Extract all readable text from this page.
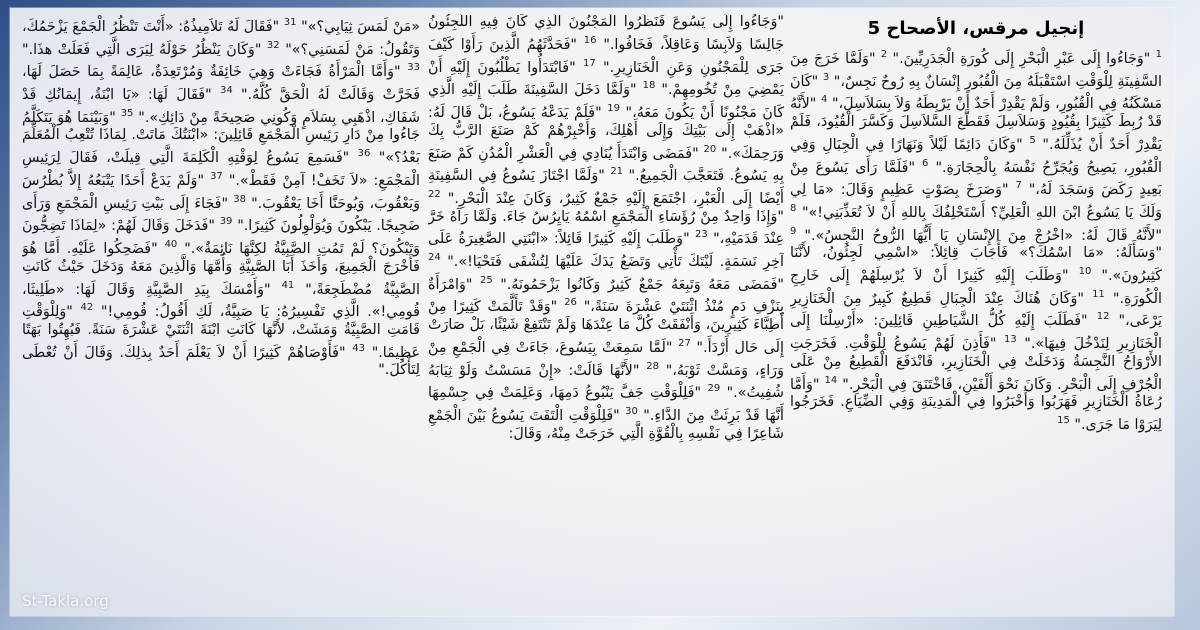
إنجيل مرقس، الأصحاح 5

$^1$ "وَجَاءُوا إِلَى عَبْرِ الْبَحْرِ إِلَى كُورَةِ الْجَدَرِيِّينَ." $^2$ "وَلَمَّا خَرَجَ مِنَ السَّفِينَةِ لِلْوَقْتِ اسْتَقْبَلَهُ مِنَ الْقُبُورِ إِنْسَانٌ بِهِ رُوحٌ نَجِسٌ،" $^3$ "كَانَ مَسْكَنُهُ فِي الْقُبُورِ، وَلَمْ يَقْدِرْ أَحَدٌ أَنْ يَرْبِطَهُ وَلاَ بِسَلاَسِلَ،" $^4$ "لأَنَّهُ قَدْ رُبِطَ كَثِيرًا بِقُيُودٍ وَسَلاَسِلَ فَقَطَّعَ السَّلاَسِلَ وَكَسَّرَ الْقُيُودَ، فَلَمْ يَقْدِرْ أَحَدٌ أَنْ يُذَلِّلَهُ." $^5$ "وَكَانَ دَائِمًا لَيْلاً وَنَهَارًا فِي الْجِبَالِ وَفِي الْقُبُورِ، يَصِيحُ وَيُجَرِّحُ نَفْسَهُ بِالْحِجَارَةِ." $^6$ "فَلَمَّا رَأَى يَسُوعَ مِنْ بَعِيدٍ رَكَضَ وَسَجَدَ لَهُ،" $^7$ "وَصَرَخَ بِصَوْتٍ عَظِيمٍ وَقَالَ: «مَا لِي وَلَكَ يَا يَسُوعُ ابْنَ اللهِ الْعَلِيِّ؟ أَسْتَحْلِفُكَ بِاللهِ أَنْ لاَ تُعَذِّبَنِي!»" $^8$ "لأَنَّهُ قَالَ لَهُ: «اخْرُجْ مِنَ الإِنْسَانِ يَا أَيُّهَا الرُّوحُ النَّجِسُ»." $^9$ "وَسَأَلَهُ: «مَا اسْمُكَ؟» فَأَجَابَ قِائِلاً: «اسْمِي لَجِئُونُ، لأَنَّنَا كَثِيرُونَ»." $^{10}$ "وَطَلَبَ إِلَيْهِ كَثِيرًا أَنْ لاَ يُرْسِلَهُمْ إِلَى خَارِجِ الْكُورَةِ." $^{11}$ "وَكَانَ هُنَاكَ عِنْدَ الْجِبَالِ قَطِيعٌ كَبِيرٌ مِنَ الْخَنَازِيرِ يَرْعَى،" $^{12}$ "فَطَلَبَ إِلَيْهِ كُلُّ الشَّيَاطِينِ قَائِلِينَ: «أَرْسِلْنَا إِلَى الْخَنَازِيرِ لِنَدْخُلَ فِيهَا»." $^{13}$ "فَأَذِنَ لَهُمْ يَسُوعُ لِلْوَقْتِ. فَخَرَجَتِ الأَرْوَاحُ النَّجِسَةُ وَدَخَلَتْ فِي الْخَنَازِيرِ، فَانْدَفَعَ الْقَطِيعُ مِنْ عَلَى الْجُرْفِ إِلَى الْبَحْرِ. وَكَانَ نَحْوَ أَلْفَيْنِ، فَاخْتَنَقَ فِي الْبَحْرِ." $^{14}$ "وَأَمَّا رُعَاةُ الْخَنَازِيرِ فَهَرَبُوا وَأَخْبَرُوا فِي الْمَدِينَةِ وَفِي الضِّيَاعِ. فَخَرَجُوا لِيَرَوْا مَا جَرَى." $^{15}$

"وَجَاءُوا إِلَى يَسُوعَ فَنَظَرُوا الْمَجْنُونَ الَّذِي كَانَ فِيهِ اللَّجِئُونُ جَالِسًا وَلاَبِسًا وَعَاقِلاً، فَخَافُوا." $^{16}$ "فَحَدَّثَهُمُ الَّذِينَ رَأَوْا كَيْفَ جَرَى لِلْمَجْنُونِ وَعَنِ الْخَنَازِيرِ." $^{17}$ "فَابْتَدَأُوا يَطْلُبُونَ إِلَيْهِ أَنْ يَمْضِيَ مِنْ تُخُومِهِمْ." $^{18}$ "وَلَمَّا دَخَلَ السَّفِينَةَ طَلَبَ إِلَيْهِ الَّذِي كَانَ مَجْنُونًا أَنْ يَكُونَ مَعَهُ،" $^{19}$ "فَلَمْ يَدَعْهُ يَسُوعُ، بَلْ قَالَ لَهُ: «اذْهَبْ إِلَى بَيْتِكَ وَإِلَى أَهْلِكَ، وَأَخْبِرْهُمْ كَمْ صَنَعَ الرَّبُّ بِكَ وَرَحِمَكَ»." $^{20}$ "فَمَضَى وَابْتَدَأَ يُنَادِي فِي الْعَشْرِ الْمُدُنِ كَمْ صَنَعَ بِهِ يَسُوعُ. فَتَعَجَّبَ الْجَمِيعُ." $^{21}$ "وَلَمَّا اجْتَازَ يَسُوعُ فِي السَّفِينَةِ أَيْضًا إِلَى الْعَبْرِ، اجْتَمَعَ إِلَيْهِ جَمْعٌ كَثِيرٌ، وَكَانَ عِنْدَ الْبَحْرِ." $^{22}$ "وَإِذَا وَاحِدٌ مِنْ رُؤَسَاءِ الْمَجْمَعِ اسْمُهُ يَايِرُسُ جَاءَ. وَلَمَّا رَآهُ خَرَّ عِنْدَ قَدَمَيْهِ،" $^{23}$ "وَطَلَبَ إِلَيْهِ كَثِيرًا قَائِلاً: «ابْنَتِي الصَّغِيرَةُ عَلَى آخِرِ نَسَمَةٍ. لَيْتَكَ تَأْتِي وَتَضَعُ يَدَكَ عَلَيْهَا لِتُشْفَى فَتَحْيَا!»." $^{24}$ "فَمَضَى مَعَهُ وَتَبِعَهُ جَمْعٌ كَثِيرٌ وَكَانُوا يَزْحَمُونَهُ." $^{25}$ "وَامْرَأَةٌ بِنَزْفِ دَمٍ مُنْذُ اثْنَتَيْ عَشْرَةَ سَنَةً،" $^{26}$ "وَقَدْ تَأَلَّمَتْ كَثِيرًا مِنْ أَطِبَّاءَ كَثِيرِينَ، وَأَنْفَقَتْ كُلَّ مَا عِنْدَهَا وَلَمْ تَنْتَفِعْ شَيْئًا، بَلْ صَارَتْ إِلَى حَال أَرْدَأَ." $^{27}$ "لَمَّا سَمِعَتْ بِيَسُوعَ، جَاءَتْ فِي الْجَمْعِ مِنْ وَرَاءٍ، وَمَسَّتْ ثَوْبَهُ،" $^{28}$ "لأَنَّهَا قَالَتْ: «إِنْ مَسَسْتُ وَلَوْ ثِيَابَهُ شُفِيتُ»." $^{29}$ "فَلِلْوَقْتِ جَفَّ يَنْبُوعُ دَمِهَا، وَعَلِمَتْ فِي جِسْمِهَا أَنَّهَا قَدْ بَرِئَتْ مِنَ الدَّاءِ." $^{30}$ "فَلِلْوَقْتِ الْتَفَتَ يَسُوعُ بَيْنَ الْجَمْعِ شَاعِرًا فِي نَفْسِهِ بِالْقُوَّةِ الَّتِي خَرَجَتْ مِنْهُ، وَقَالَ:

«مَنْ لَمَسَ ثِيَابِي؟»" $^{31}$ "فَقَالَ لَهُ تَلاَمِيذُهُ: «أَنْتَ تَنْظُرُ الْجَمْعَ يَزْحَمُكَ، وَتَقُولُ: مَنْ لَمَسَنِي؟»" $^{32}$ "وَكَانَ يَنْظُرُ حَوْلَهُ لِيَرَى الَّتِي فَعَلَتْ هذَا." $^{33}$ "وَأَمَّا الْمَرْأَةُ فَجَاءَتْ وَهِيَ خَائِفَةٌ وَمُرْتَعِدَةٌ، عَالِمَةً بِمَا حَصَلَ لَهَا، فَخَرَّتْ وَقَالَتْ لَهُ الْحَقَّ كُلَّهُ." $^{34}$ "فَقَالَ لَهَا: «يَا ابْنَةُ، إِيمَانُكِ قَدْ شَفَاكِ، اذْهَبِي بِسَلاَمٍ وَكُونِي صَحِيحَةً مِنْ دَائِكِ»." $^{35}$ "وَبَيْنَمَا هُوَ يَتَكَلَّمُ جَاءُوا مِنْ دَارِ رَئِيسِ الْمَجْمَعِ قَائِلِينَ: «ابْنَتُكَ مَاتَتْ. لِمَاذَا تُتْعِبُ الْمُعَلِّمَ بَعْدُ؟»" $^{36}$ "فَسَمِعَ يَسُوعُ لِوَقْتِهِ الْكَلِمَةَ الَّتِي قِيلَتْ، فَقَالَ لِرَئِيسِ الْمَجْمَعِ: «لاَ تَخَفْ! آمِنْ فَقَطْ»." $^{37}$ "وَلَمْ يَدَعْ أَحَدًا يَتْبَعُهُ إِلاَّ بُطْرُسَ وَيَعْقُوبَ، وَيُوحَنَّا أَخَا يَعْقُوبَ." $^{38}$ "فَجَاءَ إِلَى بَيْتِ رَئِيسِ الْمَجْمَعِ وَرَأَى ضَجِيجًا. يَبْكُونَ وَيُوَلْوِلُونَ كَثِيرًا." $^{39}$ "فَدَخَلَ وَقَالَ لَهُمْ: «لِمَاذَا تَضِجُّونَ وَتَبْكُونَ؟ لَمْ تَمُتِ الصَّبِيَّةُ لكِنَّهَا نَائِمَةٌ»." $^{40}$ "فَضَحِكُوا عَلَيْهِ. أَمَّا هُوَ فَأَخْرَجَ الْجَمِيعَ، وَأَخَذَ أَبَا الصَّبِيَّةِ وَأُمَّهَا وَالَّذِينَ مَعَهُ وَدَخَلَ حَيْثُ كَانَتِ الصَّبِيَّةُ مُضْطَجِعَةً،" $^{41}$ "وَأَمْسَكَ بِيَدِ الصَّبِيَّةِ وَقَالَ لَهَا: «طَلِيثَا، قُومِي!». الَّذِي تَفْسِيرُهُ: يَا صَبِيَّةُ، لَكِ أَقُولُ: قُومِي!" $^{42}$ "وَلِلْوَقْتِ قَامَتِ الصَّبِيَّةُ وَمَشَتْ، لأَنَّهَا كَانَتِ ابْنَةَ اثْنَتَيْ عَشْرَةَ سَنَةً. فَبُهِتُوا بَهَتًا عَظِيمًا." $^{43}$ "فَأَوْصَاهُمْ كَثِيرًا أَنْ لاَ يَعْلَمَ أَحَدٌ بِذلِكَ. وَقَالَ أَنْ تُعْطَى لِتَأْكُلَ."

St-Takla.org
